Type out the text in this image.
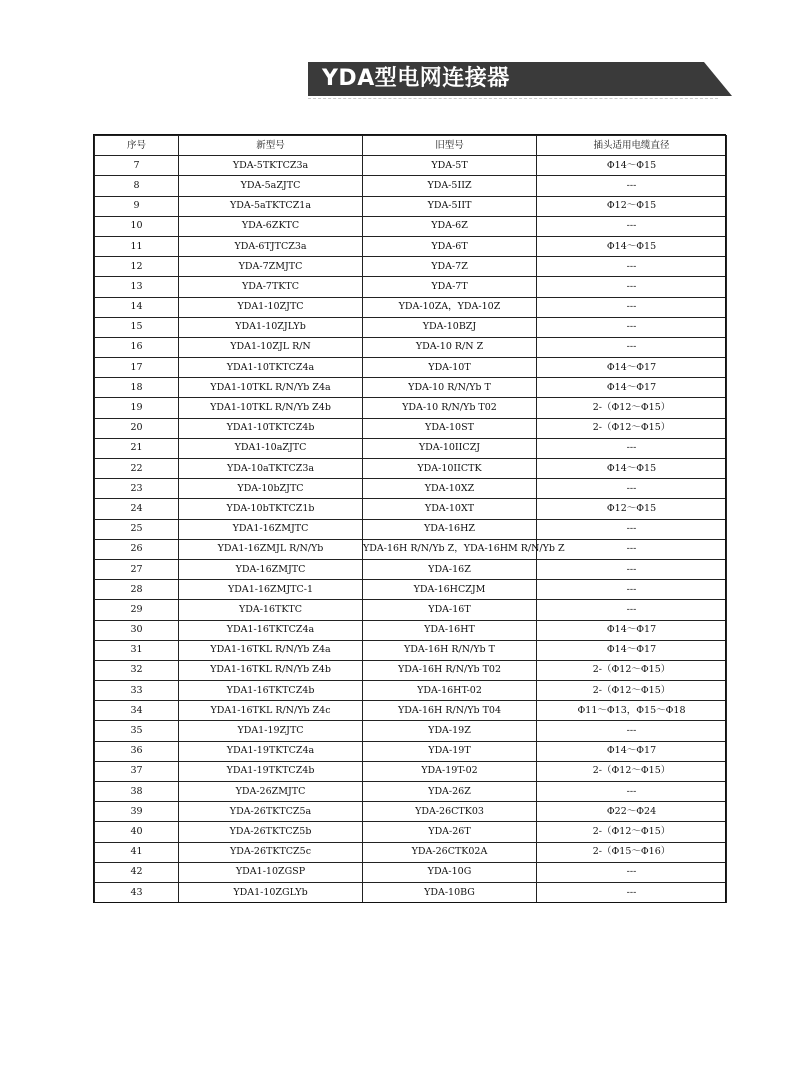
YDA型电网连接器
序号	新型号	旧型号	插头适用电缆直径
7	YDA-5TKTCZ3a	YDA-5T	Φ14～Φ15
8	YDA-5aZJTC	YDA-5IIZ	---
9	YDA-5aTKTCZ1a	YDA-5IIT	Φ12～Φ15
10	YDA-6ZKTC	YDA-6Z	---
11	YDA-6TJTCZ3a	YDA-6T	Φ14～Φ15
12	YDA-7ZMJTC	YDA-7Z	---
13	YDA-7TKTC	YDA-7T	---
14	YDA1-10ZJTC	YDA-10ZA，YDA-10Z	---
15	YDA1-10ZJLYb	YDA-10BZJ	---
16	YDA1-10ZJL R/N	YDA-10 R/N Z	---
17	YDA1-10TKTCZ4a	YDA-10T	Φ14～Φ17
18	YDA1-10TKL R/N/Yb Z4a	YDA-10 R/N/Yb T	Φ14～Φ17
19	YDA1-10TKL R/N/Yb Z4b	YDA-10 R/N/Yb T02	2-（Φ12～Φ15）
20	YDA1-10TKTCZ4b	YDA-10ST	2-（Φ12～Φ15）
21	YDA1-10aZJTC	YDA-10IICZJ	---
22	YDA-10aTKTCZ3a	YDA-10IICTK	Φ14～Φ15
23	YDA-10bZJTC	YDA-10XZ	---
24	YDA-10bTKTCZ1b	YDA-10XT	Φ12～Φ15
25	YDA1-16ZMJTC	YDA-16HZ	---
26	YDA1-16ZMJL R/N/Yb	YDA-16H R/N/Yb Z，YDA-16HM R/N/Yb Z	---
27	YDA-16ZMJTC	YDA-16Z	---
28	YDA1-16ZMJTC-1	YDA-16HCZJM	---
29	YDA-16TKTC	YDA-16T	---
30	YDA1-16TKTCZ4a	YDA-16HT	Φ14～Φ17
31	YDA1-16TKL R/N/Yb Z4a	YDA-16H R/N/Yb T	Φ14～Φ17
32	YDA1-16TKL R/N/Yb Z4b	YDA-16H R/N/Yb T02	2-（Φ12～Φ15）
33	YDA1-16TKTCZ4b	YDA-16HT-02	2-（Φ12～Φ15）
34	YDA1-16TKL R/N/Yb Z4c	YDA-16H R/N/Yb T04	Φ11～Φ13，Φ15～Φ18
35	YDA1-19ZJTC	YDA-19Z	---
36	YDA1-19TKTCZ4a	YDA-19T	Φ14～Φ17
37	YDA1-19TKTCZ4b	YDA-19T-02	2-（Φ12～Φ15）
38	YDA-26ZMJTC	YDA-26Z	---
39	YDA-26TKTCZ5a	YDA-26CTK03	Φ22～Φ24
40	YDA-26TKTCZ5b	YDA-26T	2-（Φ12～Φ15）
41	YDA-26TKTCZ5c	YDA-26CTK02A	2-（Φ15～Φ16）
42	YDA1-10ZGSP	YDA-10G	---
43	YDA1-10ZGLYb	YDA-10BG	---
